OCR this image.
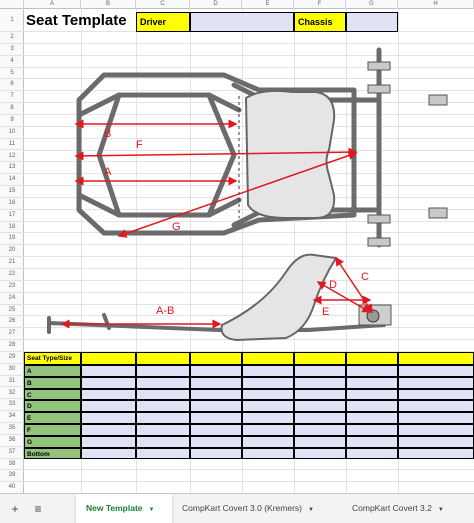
A	B	C	D	E	F	G	H
1
2
3
4
5
6
7
8
9
10
11
12
13
14
15
16
17
18
19
20
21
22
23
24
25
26
27
28
29
30
31
32
33
34
35
36
37
38
39
40
Seat Template	Driver	Chassis
B
F
A
G
C
D
E
A-B
Seat Type/Size
A
B
C
D
E
F
G
Bottom
+	≡	New Template ▼	CompKart Covert 3.0 (Kremers) ▼	CompKart Covert 3.2 ▼
